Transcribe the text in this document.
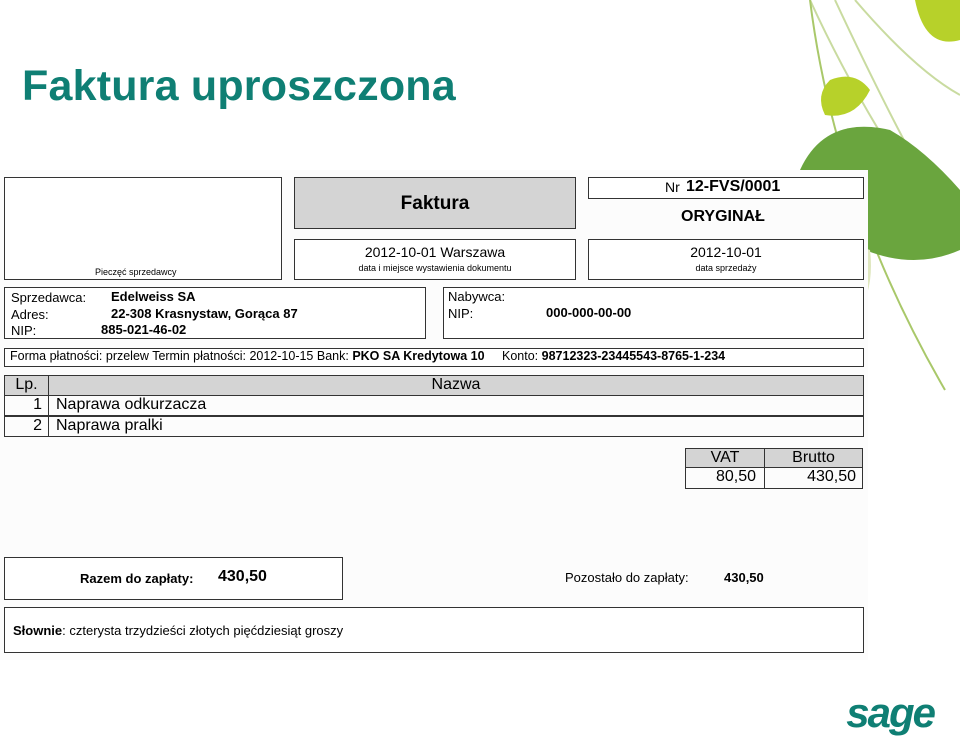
Faktura uproszczona
Pieczęć sprzedawcy
Faktura
Nr 12-FVS/0001
ORYGINAŁ
2012-10-01 Warszawa
data i miejsce wystawienia dokumentu
2012-10-01
data sprzedaży
Sprzedawca: Edelweiss SA
Adres:	22-308 Krasnystaw, Gorąca 87
NIP:	885-021-46-02
Nabywca:
NIP:	000-000-00-00
Forma płatności: przelew Termin płatności: 2012-10-15 Bank: PKO SA Kredytowa 10 Konto: 98712323-23445543-8765-1-234
Lp.	Nazwa
1 Naprawa odkurzacza
2 Naprawa pralki
VAT	Brutto
80,50	430,50
Razem do zapłaty: 430,50	Pozostało do zapłaty:	430,50
Słownie: czterysta trzydzieści złotych pięćdziesiąt groszy
sage
